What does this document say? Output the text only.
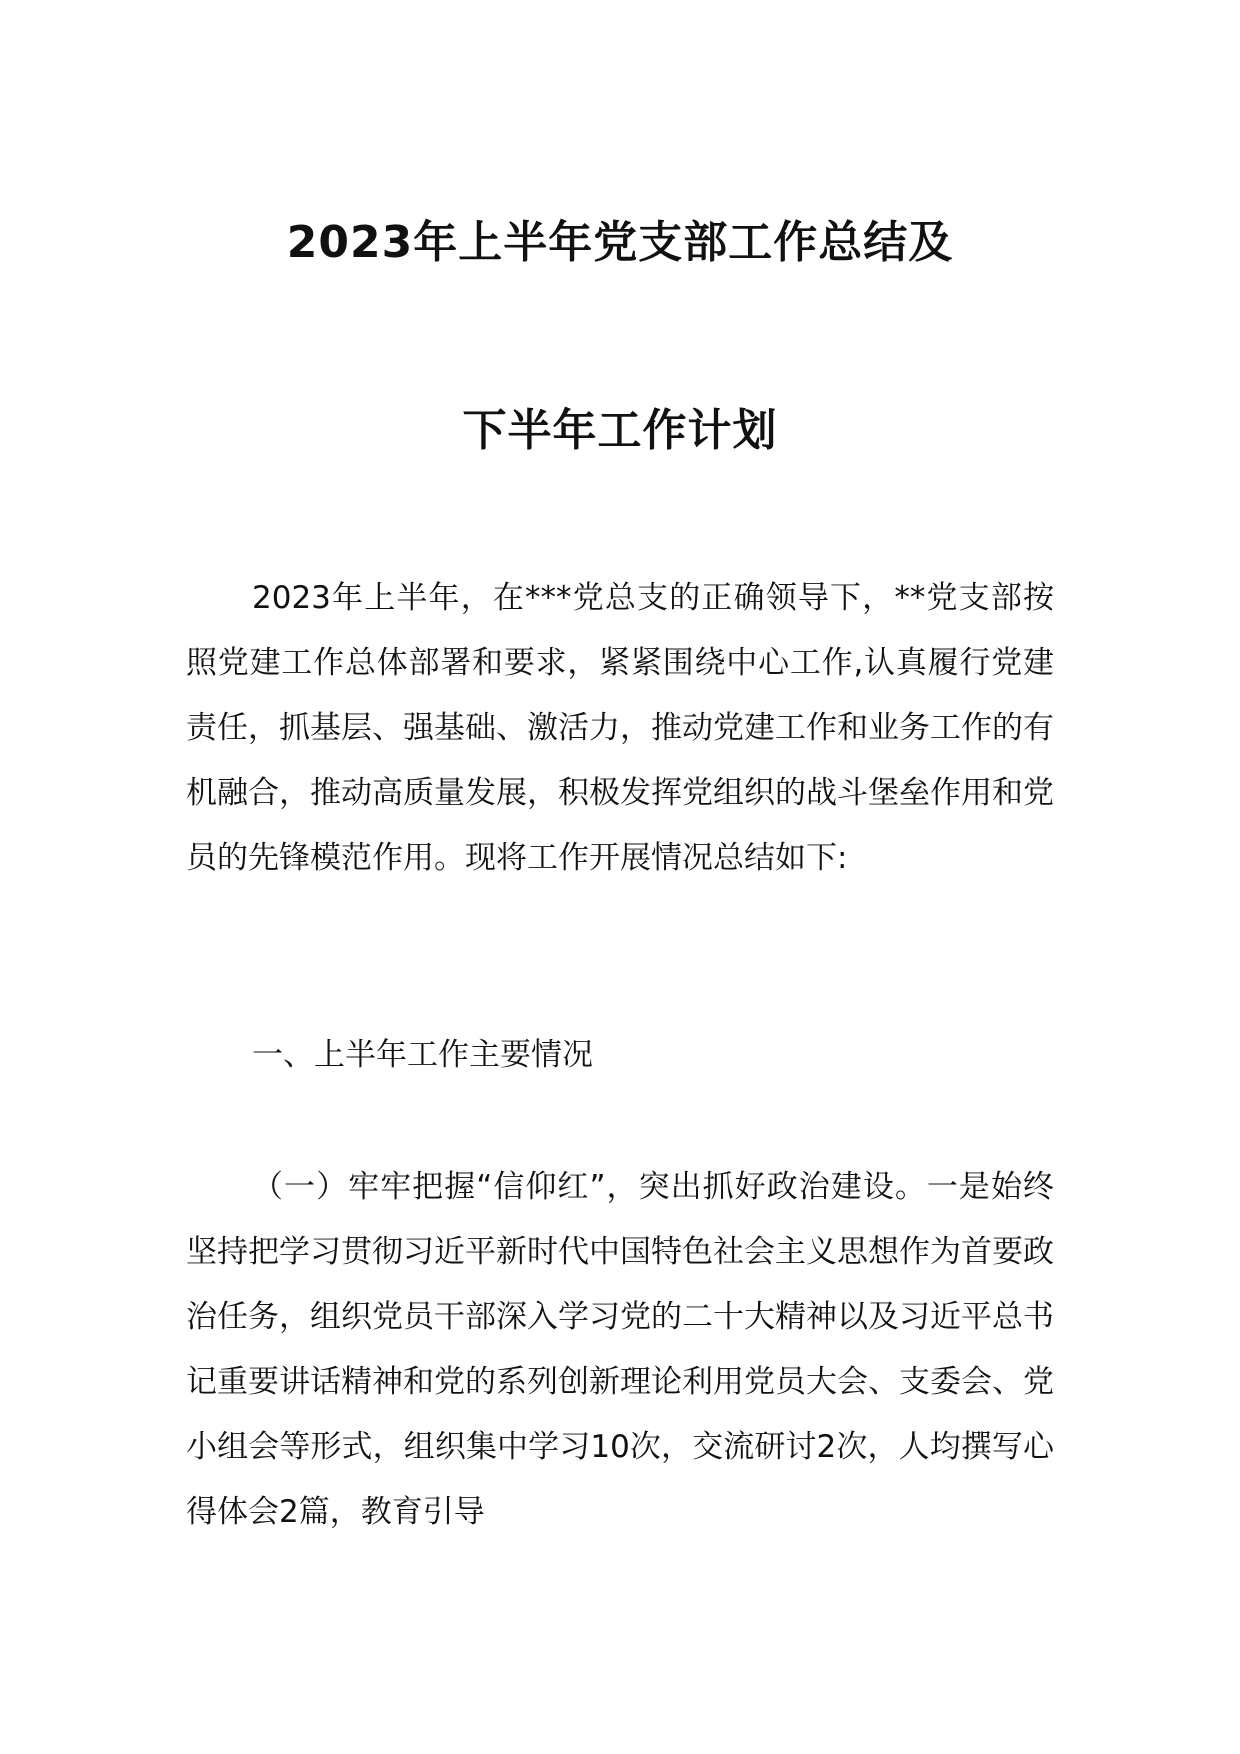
2023年上半年党支部工作总结及
下半年工作计划

2023年上半年，在***党总支的正确领导下，**党支部按照党建工作总体部署和要求，紧紧围绕中心工作,认真履行党建责任，抓基层、强基础、激活力，推动党建工作和业务工作的有机融合，推动高质量发展，积极发挥党组织的战斗堡垒作用和党员的先锋模范作用。现将工作开展情况总结如下:

一、上半年工作主要情况

（一）牢牢把握“信仰红”，突出抓好政治建设。一是始终坚持把学习贯彻习近平新时代中国特色社会主义思想作为首要政治任务，组织党员干部深入学习党的二十大精神以及习近平总书记重要讲话精神和党的系列创新理论利用党员大会、支委会、党小组会等形式，组织集中学习10次，交流研讨2次，人均撰写心得体会2篇，教育引导
